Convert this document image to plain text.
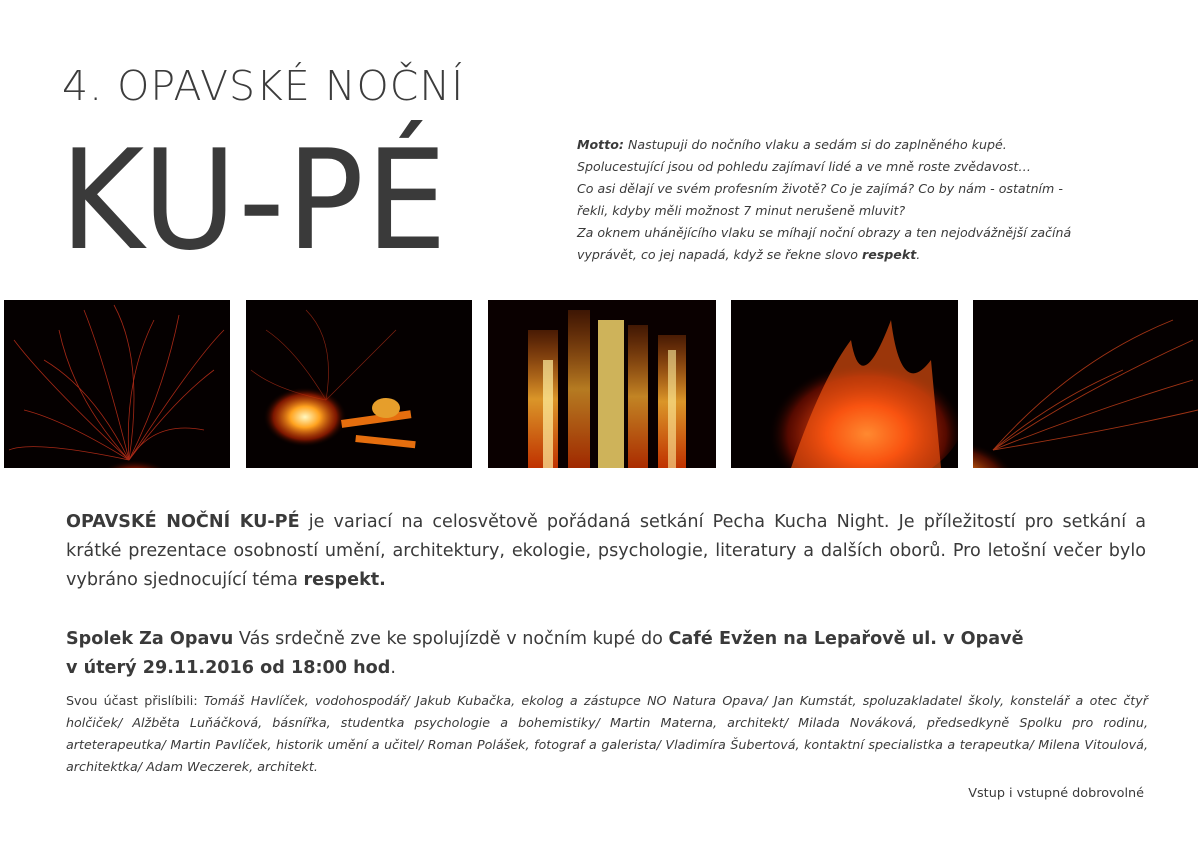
4. OPAVSKÉ NOČNÍ
KU-PÉ	Motto: Nastupuji do nočního vlaku a sedám si do zaplněného kupé.

Spolucestující jsou od pohledu zajímaví lidé a ve mně roste zvědavost…

Co asi dělají ve svém profesním životě? Co je zajímá? Co by nám - ostatním -

řekli, kdyby měli možnost 7 minut nerušeně mluvit?

Za oknem uhánějícího vlaku se míhají noční obrazy a ten nejodvážnější začíná

vyprávět, co jej napadá, když se řekne slovo respekt.

OPAVSKÉ NOČNÍ KU-PÉ je variací na celosvětově pořádaná setkání Pecha Kucha Night. Je příležitostí pro setkání a krátké prezentace osobností umění, architektury, ekologie, psychologie, literatury a dalších oborů. Pro letošní večer bylo vybráno sjednocující téma respekt.
Spolek Za Opavu Vás srdečně zve ke spolujízdě v nočním kupé do Café Evžen na Lepařově ul. v Opavě
v úterý 29.11.2016 od 18:00 hod.
Svou účast přislíbili: Tomáš Havlíček, vodohospodář/ Jakub Kubačka, ekolog a zástupce NO Natura Opava/ Jan Kumstát, spoluzakladatel školy, konstelář a otec čtyř holčiček/ Alžběta Luňáčková, básnířka, studentka psychologie a bohemistiky/ Martin Materna, architekt/ Milada Nováková, předsedkyně Spolku pro rodinu, arteterapeutka/ Martin Pavlíček, historik umění a učitel/ Roman Polášek, fotograf a galerista/ Vladimíra Šubertová, kontaktní specialistka a terapeutka/ Milena Vitoulová, architektka/ Adam Weczerek, architekt.
Vstup i vstupné dobrovolné
